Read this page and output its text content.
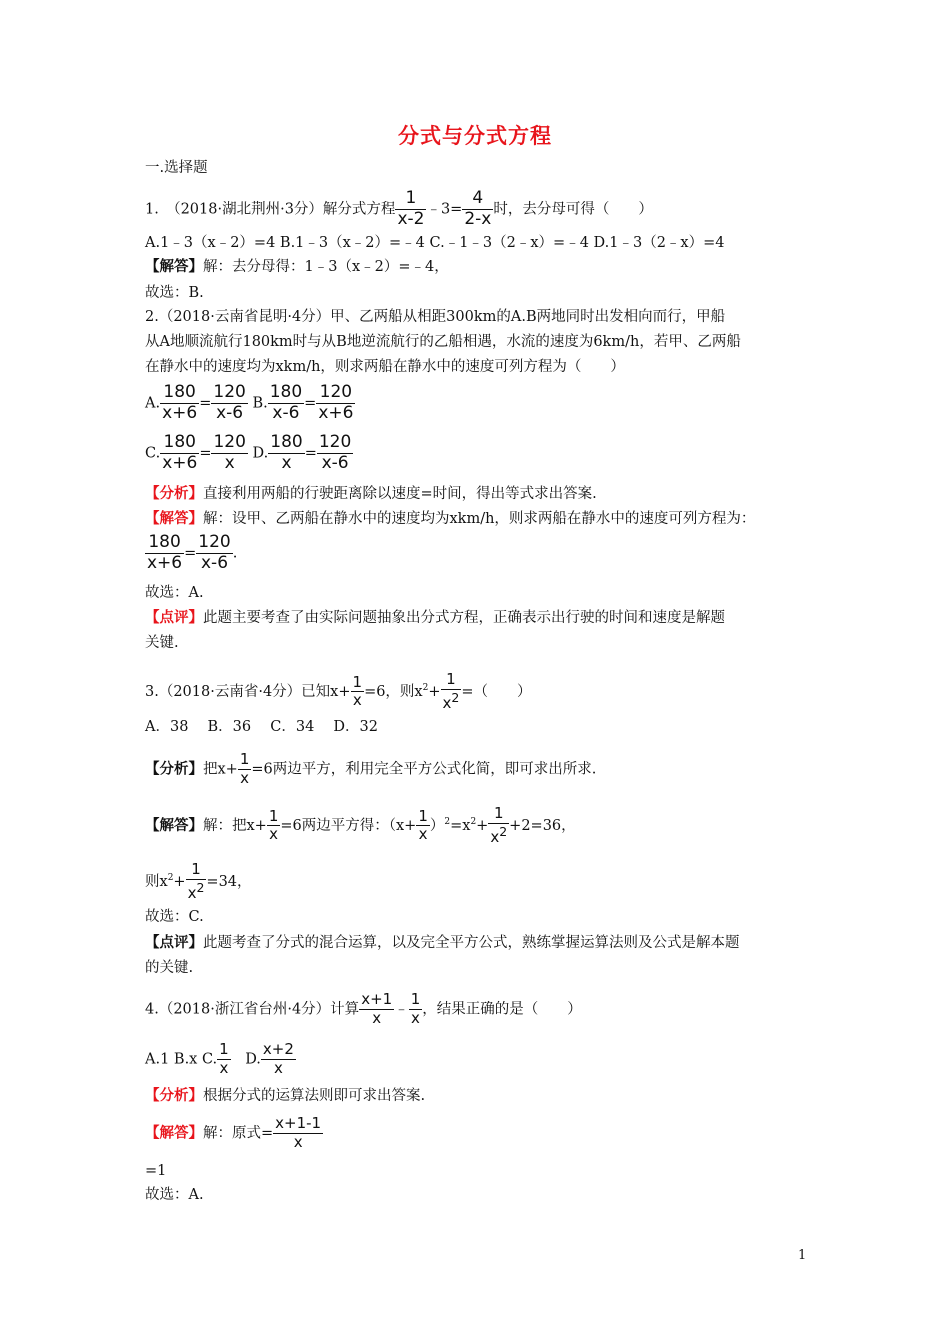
分式与分式方程
一.选择题
1.　（2018·湖北荆州·3分）解分式方程 $\frac{1}{x-2}$ ﹣3= $\frac{4}{2-x}$ 时，去分母可得（　　）
A.1﹣3（x﹣2）=4 B.1﹣3（x﹣2）=﹣4 C.﹣1﹣3（2﹣x）=﹣4 D.1﹣3（2﹣x）=4
【解答】解：去分母得：1﹣3（x﹣2）=﹣4，
故选：B.
2.（2018·云南省昆明·4分）甲、乙两船从相距300km的A.B两地同时出发相向而行，甲船
从A地顺流航行180km时与从B地逆流航行的乙船相遇，水流的速度为6km/h，若甲、乙两船
在静水中的速度均为xkm/h，则求两船在静水中的速度可列方程为（　　）
A. $\frac{180}{x+6} = \frac{120}{x-6} B$. $\frac{180}{x-6} = \frac{120}{x+6}$
C. $\frac{180}{x+6} = \frac{120}{x} D$. $\frac{180}{x} = \frac{120}{x-6}$
【分析】直接利用两船的行驶距离除以速度=时间，得出等式求出答案.
【解答】解：设甲、乙两船在静水中的速度均为xkm/h，则求两船在静水中的速度可列方程为：
$\frac{180}{x+6} = \frac{120}{x-6}$ .
故选：A.
【点评】此题主要考查了由实际问题抽象出分式方程，正确表示出行驶的时间和速度是解题
关键.
3.（2018·云南省·4分）已知$x+ \frac{1}{x} =6$，则$x^2+ \frac{1}{x^2}$ =（　　）
A．38　 B．36　 C．34　 D．32
【分析】把$x+ \frac{1}{x} =6$两边平方，利用完全平方公式化简，即可求出所求.
【解答】解：把$x+ \frac{1}{x} =6$两边平方得：$(x+ \frac{1}{x} )^2=x^2+ \frac{1}{x^2} +2=36$，
则$x^2+ \frac{1}{x^2} =34$，
故选：C.
【点评】此题考查了分式的混合运算，以及完全平方公式，熟练掌握运算法则及公式是解本题
的关键.
4.（2018·浙江省台州·4分）计算 $\frac{x+1}{x}$ ﹣ $\frac{1}{x}$ ，结果正确的是（　　）
A.1 B.x C. $\frac{1}{x}$ 　D. $\frac{x+2}{x}$
【分析】根据分式的运算法则即可求出答案.
【解答】解：原式= $\frac{x+1-1}{x}$
=1
故选：A.
1
